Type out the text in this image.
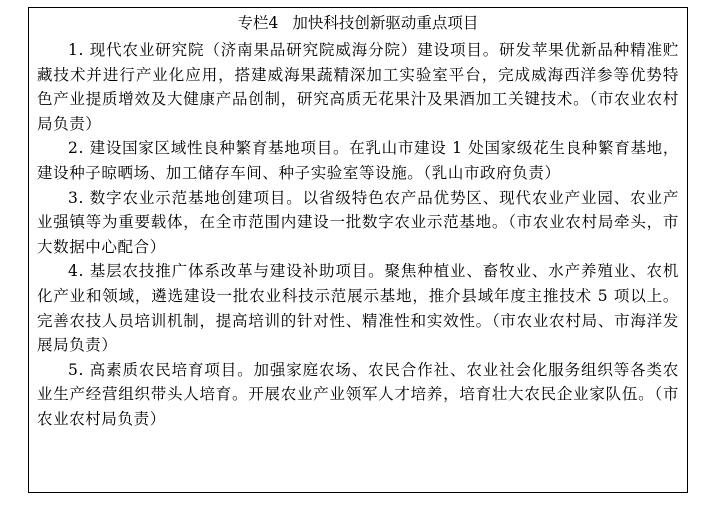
专栏4 加快科技创新驱动重点项目

1. 现代农业研究院（济南果品研究院威海分院）建设项目。研发苹果优新品种精准贮藏技术并进行产业化应用，搭建威海果蔬精深加工实验室平台，完成威海西洋参等优势特色产业提质增效及大健康产品创制，研究高质无花果汁及果酒加工关键技术。（市农业农村局负责）

2. 建设国家区域性良种繁育基地项目。在乳山市建设 1 处国家级花生良种繁育基地，建设种子晾晒场、加工储存车间、种子实验室等设施。（乳山市政府负责）

3. 数字农业示范基地创建项目。以省级特色农产品优势区、现代农业产业园、农业产业强镇等为重要载体，在全市范围内建设一批数字农业示范基地。（市农业农村局牵头，市大数据中心配合）

4. 基层农技推广体系改革与建设补助项目。聚焦种植业、畜牧业、水产养殖业、农机化产业和领域，遴选建设一批农业科技示范展示基地，推介县域年度主推技术 5 项以上。完善农技人员培训机制，提高培训的针对性、精准性和实效性。（市农业农村局、市海洋发展局负责）

5. 高素质农民培育项目。加强家庭农场、农民合作社、农业社会化服务组织等各类农业生产经营组织带头人培育。开展农业产业领军人才培养，培育壮大农民企业家队伍。（市农业农村局负责）
